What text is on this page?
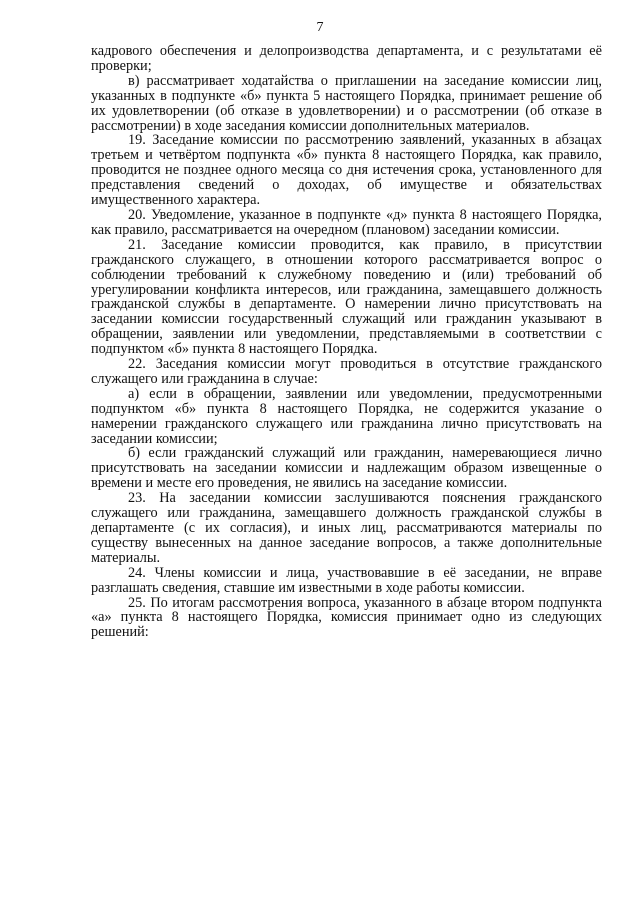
7

кадрового обеспечения и делопроизводства департамента, и с результатами её проверки;

в) рассматривает ходатайства о приглашении на заседание комиссии лиц, указанных в подпункте «б» пункта 5 настоящего Порядка, принимает решение об их удовлетворении (об отказе в удовлетворении) и о рассмотрении (об отказе в рассмотрении) в ходе заседания комиссии дополнительных материалов.

19. Заседание комиссии по рассмотрению заявлений, указанных в абзацах третьем и четвёртом подпункта «б» пункта 8 настоящего Порядка, как правило, проводится не позднее одного месяца со дня истечения срока, установленного для представления сведений о доходах, об имуществе и обязательствах имущественного характера.

20. Уведомление, указанное в подпункте «д» пункта 8 настоящего Порядка, как правило, рассматривается на очередном (плановом) заседании комиссии.

21. Заседание комиссии проводится, как правило, в присутствии гражданского служащего, в отношении которого рассматривается вопрос о соблюдении требований к служебному поведению и (или) требований об урегулировании конфликта интересов, или гражданина, замещавшего должность гражданской службы в департаменте. О намерении лично присутствовать на заседании комиссии государственный служащий или гражданин указывают в обращении, заявлении или уведомлении, представляемыми в соответствии с подпунктом «б» пункта 8 настоящего Порядка.

22. Заседания комиссии могут проводиться в отсутствие гражданского служащего или гражданина в случае:

а) если в обращении, заявлении или уведомлении, предусмотренными подпунктом «б» пункта 8 настоящего Порядка, не содержится указание о намерении гражданского служащего или гражданина лично присутствовать на заседании комиссии;

б) если гражданский служащий или гражданин, намеревающиеся лично присутствовать на заседании комиссии и надлежащим образом извещенные о времени и месте его проведения, не явились на заседание комиссии.

23. На заседании комиссии заслушиваются пояснения гражданского служащего или гражданина, замещавшего должность гражданской службы в департаменте (с их согласия), и иных лиц, рассматриваются материалы по существу вынесенных на данное заседание вопросов, а также дополнительные материалы.

24. Члены комиссии и лица, участвовавшие в её заседании, не вправе разглашать сведения, ставшие им известными в ходе работы комиссии.

25. По итогам рассмотрения вопроса, указанного в абзаце втором подпункта «а» пункта 8 настоящего Порядка, комиссия принимает одно из следующих решений:
